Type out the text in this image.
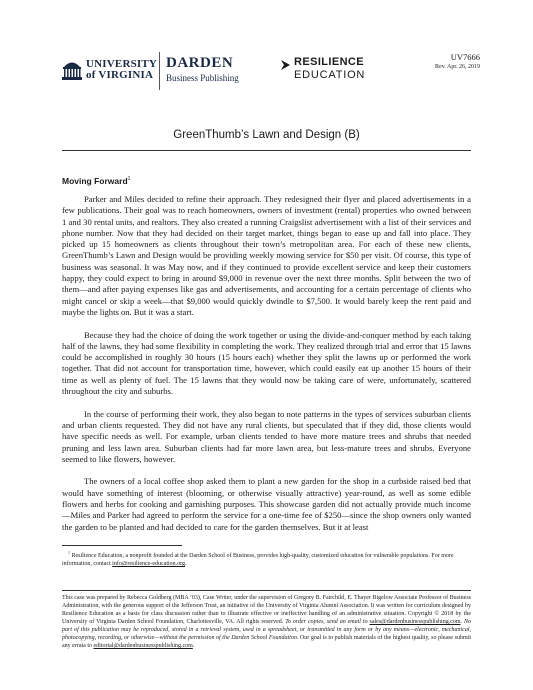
UNIVERSITY
of VIRGINIA
DARDEN
Business Publishing
RESILIENCE
EDUCATION
UV7666
Rev. Apr. 26, 2019
GreenThumb’s Lawn and Design (B)
Moving Forward$^1$

Parker and Miles decided to refine their approach. They redesigned their flyer and placed advertisements in a few publications. Their goal was to reach homeowners, owners of investment (rental) properties who owned between 1 and 30 rental units, and realtors. They also created a running Craigslist advertisement with a list of their services and phone number. Now that they had decided on their target market, things began to ease up and fall into place. They picked up 15 homeowners as clients throughout their town’s metropolitan area. For each of these new clients, GreenThumb’s Lawn and Design would be providing weekly mowing service for $50 per visit. Of course, this type of business was seasonal. It was May now, and if they continued to provide excellent service and keep their customers happy, they could expect to bring in around $9,000 in revenue over the next three months. Split between the two of them—and after paying expenses like gas and advertisements, and accounting for a certain percentage of clients who might cancel or skip a week—that $9,000 would quickly dwindle to $7,500. It would barely keep the rent paid and maybe the lights on. But it was a start.

Because they had the choice of doing the work together or using the divide-and-conquer method by each taking half of the lawns, they had some flexibility in completing the work. They realized through trial and error that 15 lawns could be accomplished in roughly 30 hours (15 hours each) whether they split the lawns up or performed the work together. That did not account for transportation time, however, which could easily eat up another 15 hours of their time as well as plenty of fuel. The 15 lawns that they would now be taking care of were, unfortunately, scattered throughout the city and suburbs.

In the course of performing their work, they also began to note patterns in the types of services suburban clients and urban clients requested. They did not have any rural clients, but speculated that if they did, those clients would have specific needs as well. For example, urban clients tended to have more mature trees and shrubs that needed pruning and less lawn area. Suburban clients had far more lawn area, but less-mature trees and shrubs. Everyone seemed to like flowers, however.

The owners of a local coffee shop asked them to plant a new garden for the shop in a curbside raised bed that would have something of interest (blooming, or otherwise visually attractive) year-round, as well as some edible flowers and herbs for cooking and garnishing purposes. This showcase garden did not actually provide much income—Miles and Parker had agreed to perform the service for a one-time fee of $250—since the shop owners only wanted the garden to be planted and had decided to care for the garden themselves. But it at least

$^1$ Resilience Education, a nonprofit founded at the Darden School of Business, provides high-quality, customized education for vulnerable populations. For more information, contact info@resilience-education.org.
This case was prepared by Rebecca Goldberg (MBA ’03), Case Writer, under the supervision of Gregory B. Fairchild, E. Thayer Bigelow Associate Professor of Business Administration, with the generous support of the Jefferson Trust, an initiative of the University of Virginia Alumni Association. It was written for curriculum designed by Resilience Education as a basis for class discussion rather than to illustrate effective or ineffective handling of an administrative situation. Copyright © 2018 by the University of Virginia Darden School Foundation, Charlottesville, VA. All rights reserved. To order copies, send an email to sales@dardenbusinesspublishing.com. No part of this publication may be reproduced, stored in a retrieval system, used in a spreadsheet, or transmitted in any form or by any means—electronic, mechanical, photocopying, recording, or otherwise—without the permission of the Darden School Foundation. Our goal is to publish materials of the highest quality, so please submit any errata to editorial@dardenbusinesspublishing.com.
